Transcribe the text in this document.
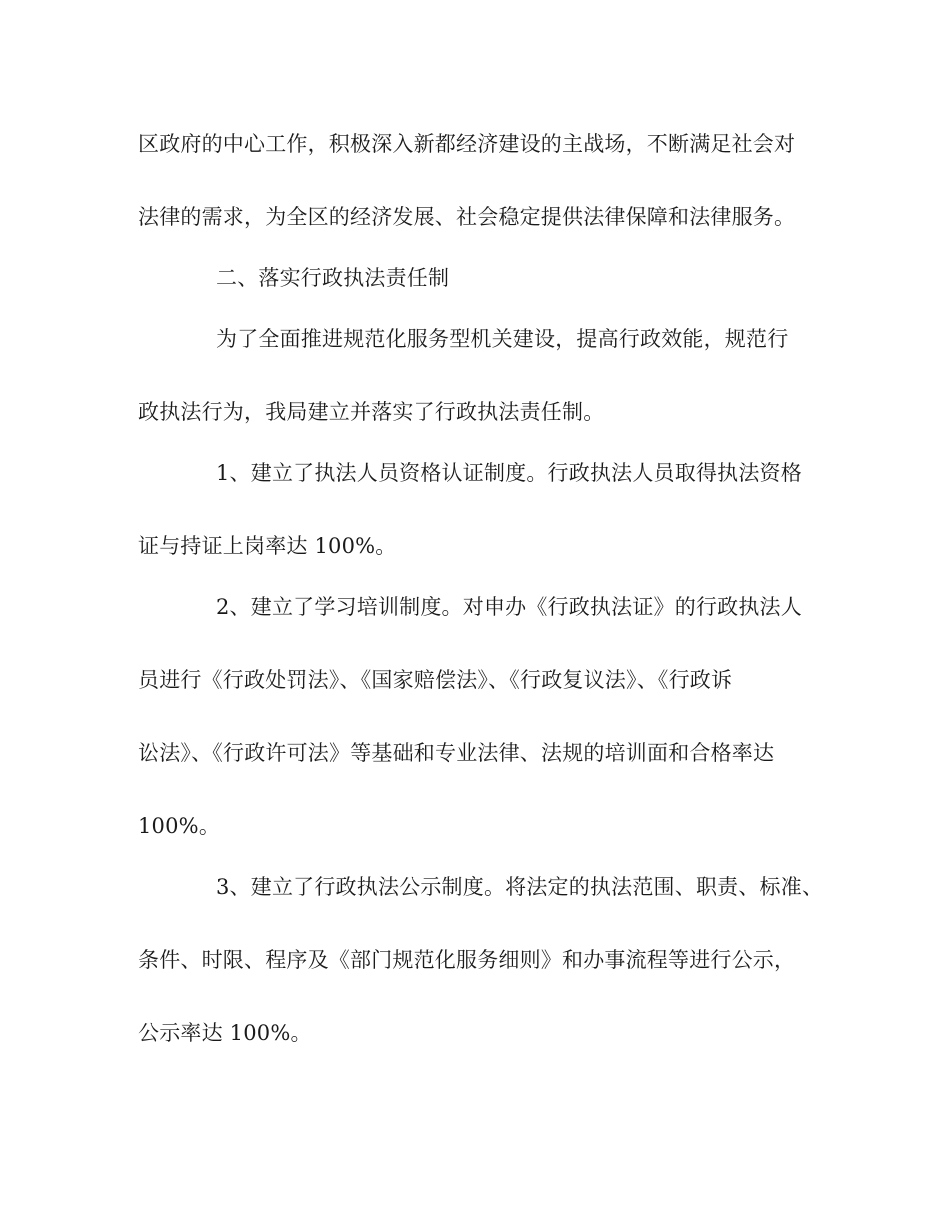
区政府的中心工作，积极深入新都经济建设的主战场，不断满足社会对

法律的需求，为全区的经济发展、社会稳定提供法律保障和法律服务。

二、落实行政执法责任制

为了全面推进规范化服务型机关建设，提高行政效能，规范行

政执法行为，我局建立并落实了行政执法责任制。

1、建立了执法人员资格认证制度。行政执法人员取得执法资格

证与持证上岗率达 100%。

2、建立了学习培训制度。对申办《行政执法证》的行政执法人

员进行《行政处罚法》、《国家赔偿法》、《行政复议法》、《行政诉

讼法》、《行政许可法》等基础和专业法律、法规的培训面和合格率达

100%。

3、建立了行政执法公示制度。将法定的执法范围、职责、标准、

条件、时限、程序及《部门规范化服务细则》和办事流程等进行公示，

公示率达 100%。
